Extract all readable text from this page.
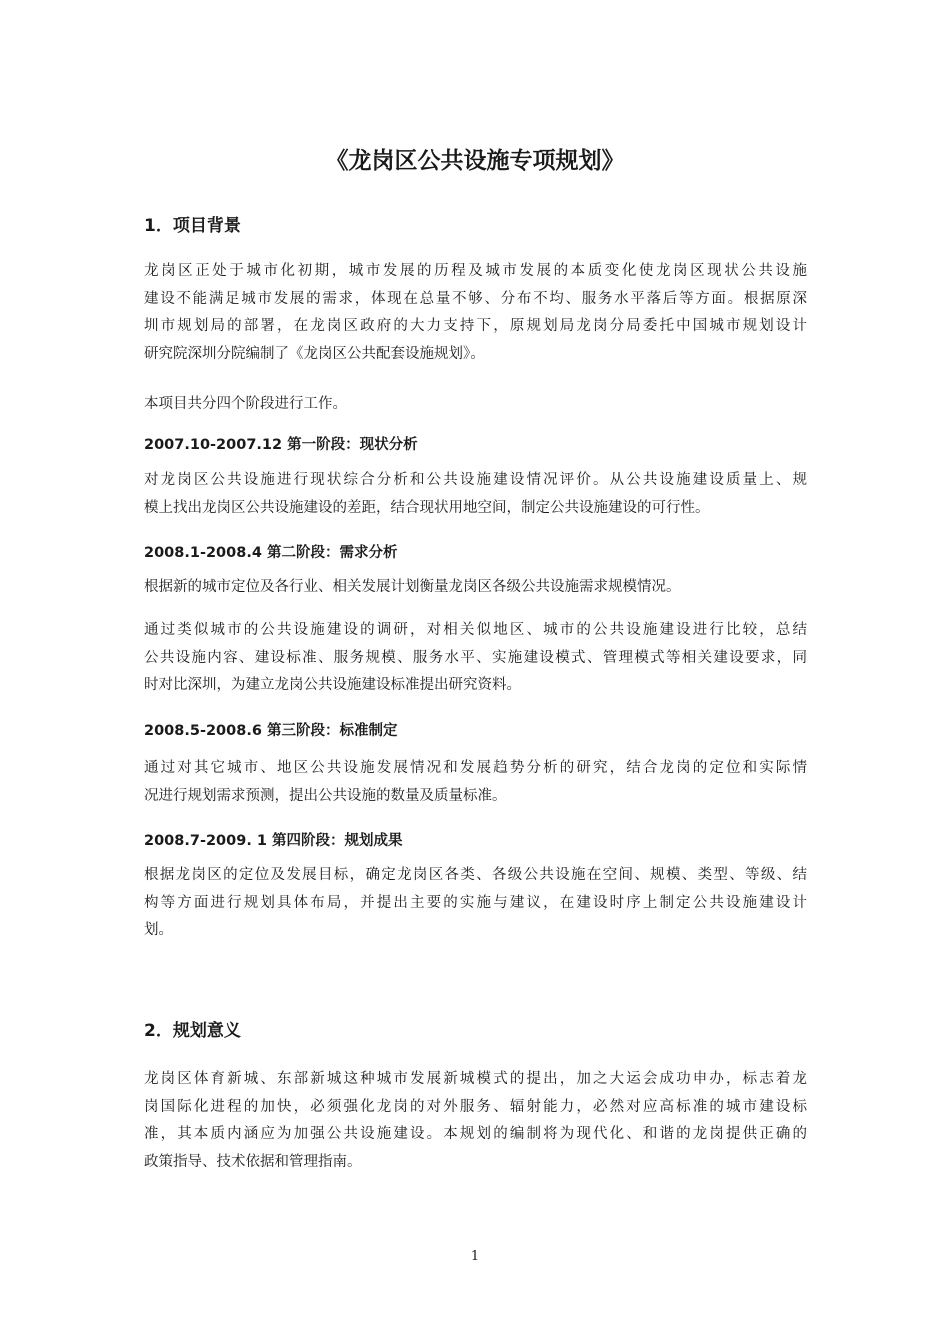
《龙岗区公共设施专项规划》
1．项目背景
龙岗区正处于城市化初期，城市发展的历程及城市发展的本质变化使龙岗区现状公共设施
建设不能满足城市发展的需求，体现在总量不够、分布不均、服务水平落后等方面。根据原深
圳市规划局的部署，在龙岗区政府的大力支持下，原规划局龙岗分局委托中国城市规划设计
研究院深圳分院编制了《龙岗区公共配套设施规划》。
本项目共分四个阶段进行工作。
2007.10-2007.12 第一阶段：现状分析
对龙岗区公共设施进行现状综合分析和公共设施建设情况评价。从公共设施建设质量上、规
模上找出龙岗区公共设施建设的差距，结合现状用地空间，制定公共设施建设的可行性。
2008.1-2008.4 第二阶段：需求分析
根据新的城市定位及各行业、相关发展计划衡量龙岗区各级公共设施需求规模情况。
通过类似城市的公共设施建设的调研，对相关似地区、城市的公共设施建设进行比较，总结
公共设施内容、建设标准、服务规模、服务水平、实施建设模式、管理模式等相关建设要求，同
时对比深圳，为建立龙岗公共设施建设标准提出研究资料。
2008.5-2008.6 第三阶段：标准制定
通过对其它城市、地区公共设施发展情况和发展趋势分析的研究，结合龙岗的定位和实际情
况进行规划需求预测，提出公共设施的数量及质量标准。
2008.7-2009. 1 第四阶段：规划成果
根据龙岗区的定位及发展目标，确定龙岗区各类、各级公共设施在空间、规模、类型、等级、结
构等方面进行规划具体布局，并提出主要的实施与建议，在建设时序上制定公共设施建设计
划。
2．规划意义
龙岗区体育新城、东部新城这种城市发展新城模式的提出，加之大运会成功申办，标志着龙
岗国际化进程的加快，必须强化龙岗的对外服务、辐射能力，必然对应高标准的城市建设标
准，其本质内涵应为加强公共设施建设。本规划的编制将为现代化、和谐的龙岗提供正确的
政策指导、技术依据和管理指南。
1
